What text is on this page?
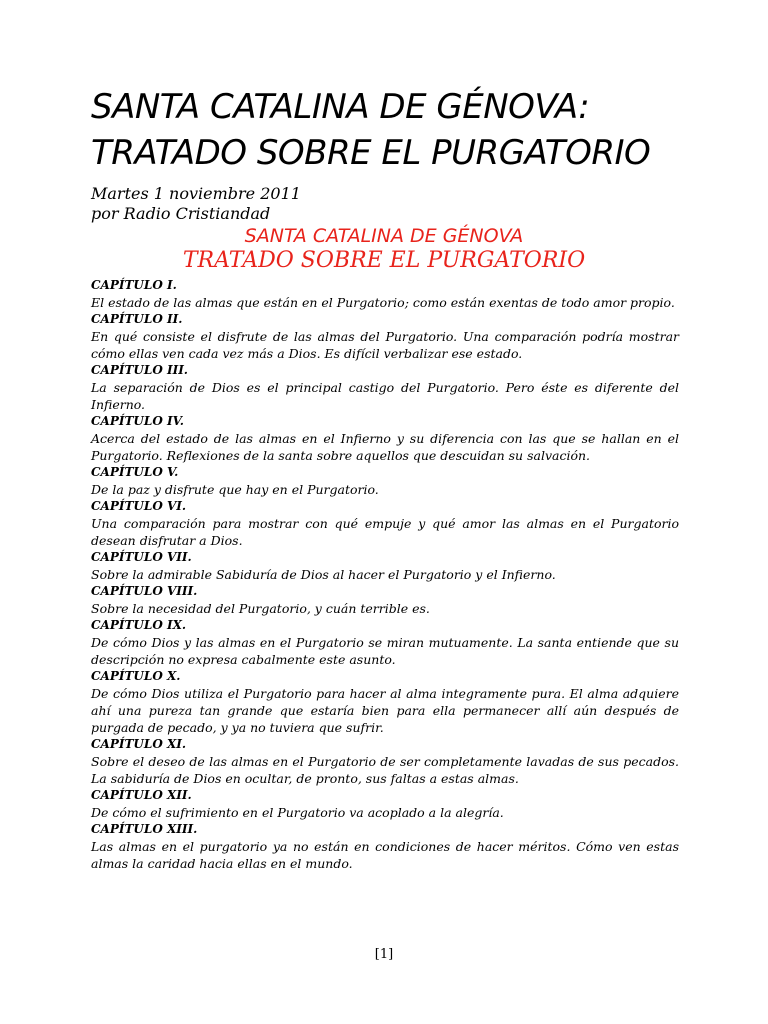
SANTA CATALINA DE GÉNOVA:
TRATADO SOBRE EL PURGATORIO
Martes 1 noviembre 2011
por Radio Cristiandad
SANTA CATALINA DE GÉNOVA
TRATADO SOBRE EL PURGATORIO
CAPÍTULO I.
El estado de las almas que están en el Purgatorio; como están exentas de todo amor propio.
CAPÍTULO II.
En qué consiste el disfrute de las almas del Purgatorio. Una comparación podría mostrar cómo ellas ven cada vez más a Dios. Es difícil verbalizar ese estado.
CAPÍTULO III.
La separación de Dios es el principal castigo del Purgatorio. Pero éste es diferente del Infierno.
CAPÍTULO IV.
Acerca del estado de las almas en el Infierno y su diferencia con las que se hallan en el Purgatorio. Reflexiones de la santa sobre aquellos que descuidan su salvación.
CAPÍTULO V.
De la paz y disfrute que hay en el Purgatorio.
CAPÍTULO VI.
Una comparación para mostrar con qué empuje y qué amor las almas en el Purgatorio desean disfrutar a Dios.
CAPÍTULO VII.
Sobre la admirable Sabiduría de Dios al hacer el Purgatorio y el Infierno.
CAPÍTULO VIII.
Sobre la necesidad del Purgatorio, y cuán terrible es.
CAPÍTULO IX.
De cómo Dios y las almas en el Purgatorio se miran mutuamente. La santa entiende que su descripción no expresa cabalmente este asunto.
CAPÍTULO X.
De cómo Dios utiliza el Purgatorio para hacer al alma integramente pura. El alma adquiere ahí una pureza tan grande que estaría bien para ella permanecer allí aún después de purgada de pecado, y ya no tuviera que sufrir.
CAPÍTULO XI.
Sobre el deseo de las almas en el Purgatorio de ser completamente lavadas de sus pecados. La sabiduría de Dios en ocultar, de pronto, sus faltas a estas almas.
CAPÍTULO XII.
De cómo el sufrimiento en el Purgatorio va acoplado a la alegría.
CAPÍTULO XIII.
Las almas en el purgatorio ya no están en condiciones de hacer méritos. Cómo ven estas almas la caridad hacia ellas en el mundo.
[1]
